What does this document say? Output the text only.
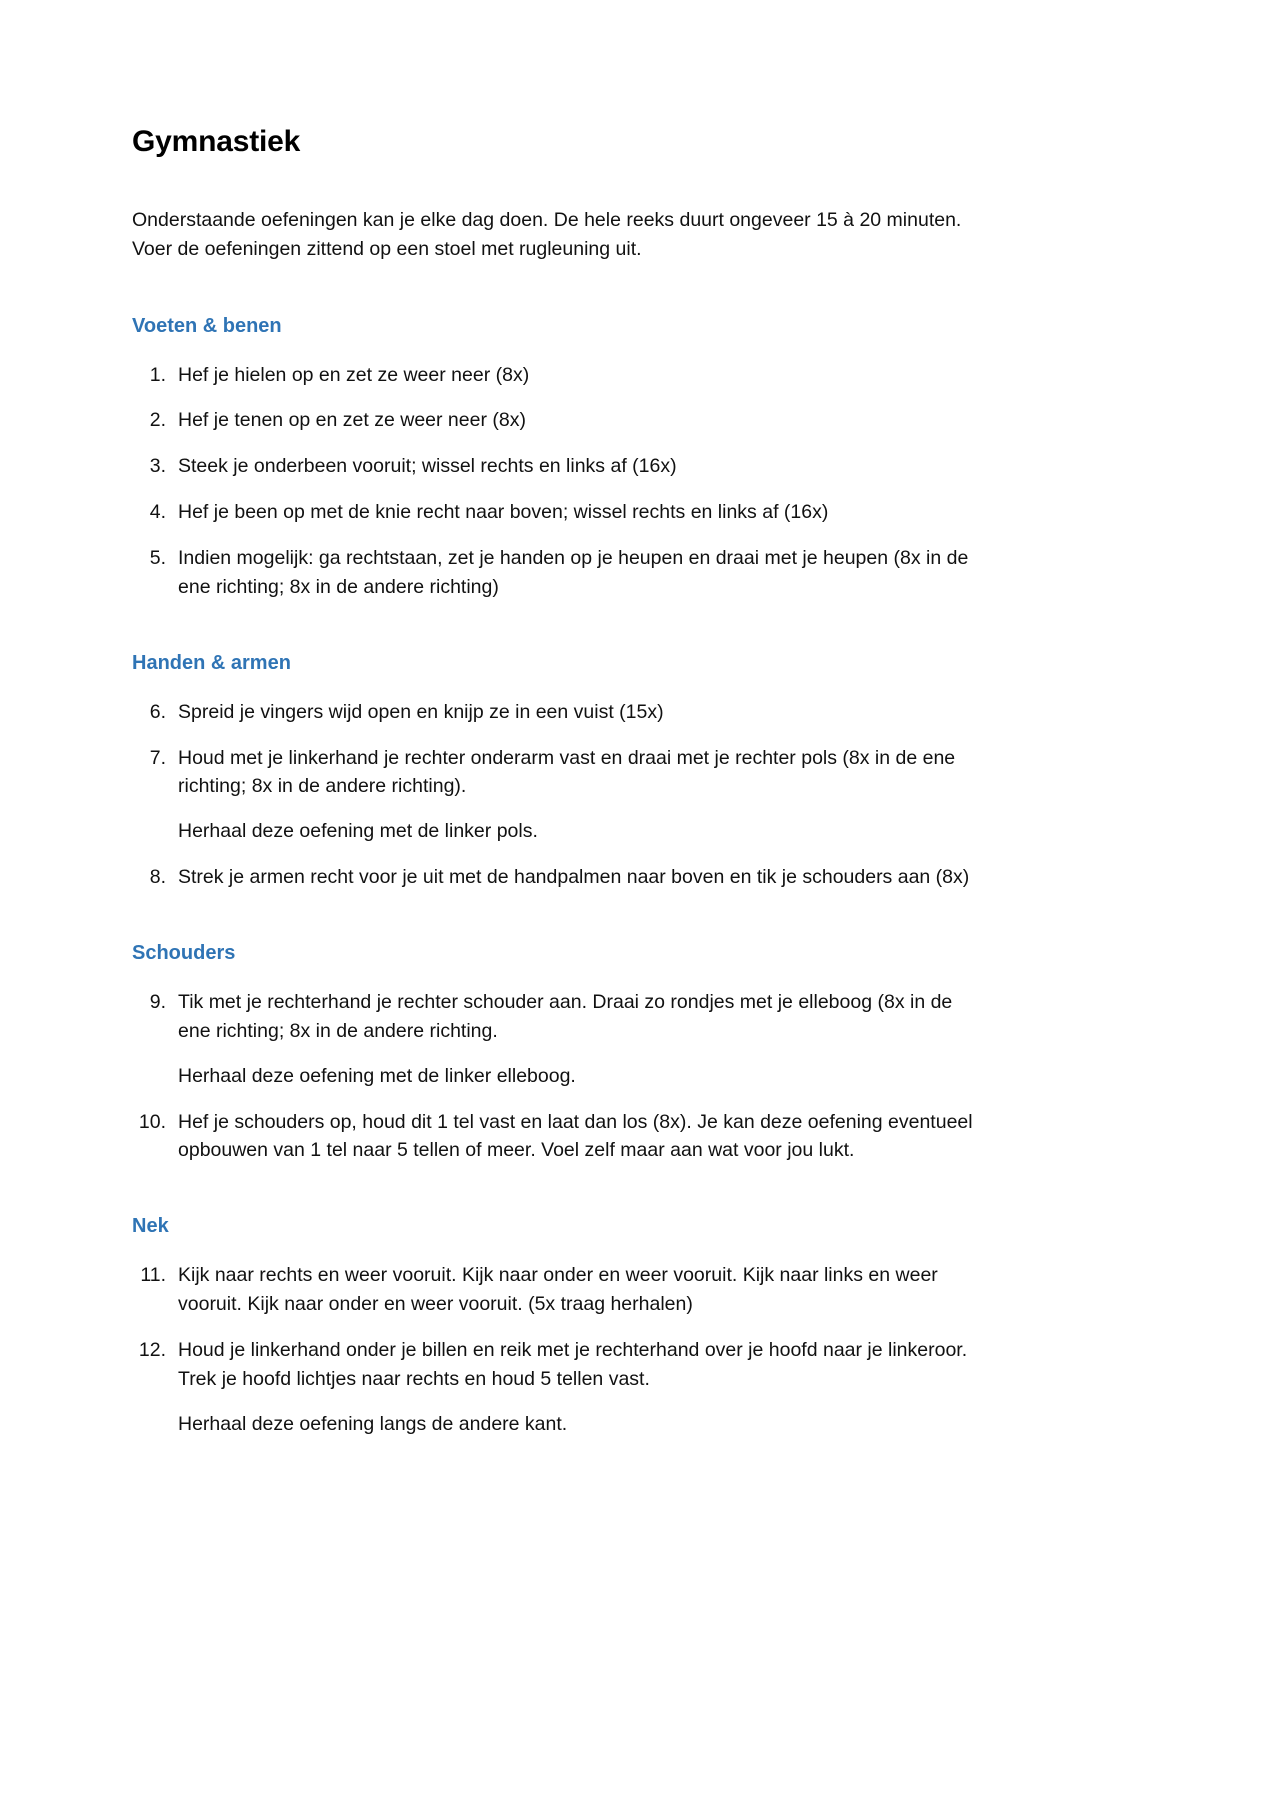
Gymnastiek

Onderstaande oefeningen kan je elke dag doen. De hele reeks duurt ongeveer 15 à 20 minuten. Voer de oefeningen zittend op een stoel met rugleuning uit.

Voeten & benen
1. Hef je hielen op en zet ze weer neer (8x)
2. Hef je tenen op en zet ze weer neer (8x)
3. Steek je onderbeen vooruit; wissel rechts en links af (16x)
4. Hef je been op met de knie recht naar boven; wissel rechts en links af (16x)
5. Indien mogelijk: ga rechtstaan, zet je handen op je heupen en draai met je heupen (8x in de ene richting; 8x in de andere richting)
Handen & armen
6. Spreid je vingers wijd open en knijp ze in een vuist (15x)
7. Houd met je linkerhand je rechter onderarm vast en draai met je rechter pols (8x in de ene richting; 8x in de andere richting).
Herhaal deze oefening met de linker pols.
8. Strek je armen recht voor je uit met de handpalmen naar boven en tik je schouders aan (8x)
Schouders
9. Tik met je rechterhand je rechter schouder aan. Draai zo rondjes met je elleboog (8x in de ene richting; 8x in de andere richting.
Herhaal deze oefening met de linker elleboog.
10. Hef je schouders op, houd dit 1 tel vast en laat dan los (8x). Je kan deze oefening eventueel opbouwen van 1 tel naar 5 tellen of meer. Voel zelf maar aan wat voor jou lukt.
Nek
11. Kijk naar rechts en weer vooruit. Kijk naar onder en weer vooruit. Kijk naar links en weer vooruit. Kijk naar onder en weer vooruit. (5x traag herhalen)
12. Houd je linkerhand onder je billen en reik met je rechterhand over je hoofd naar je linkeroor. Trek je hoofd lichtjes naar rechts en houd 5 tellen vast.
Herhaal deze oefening langs de andere kant.
